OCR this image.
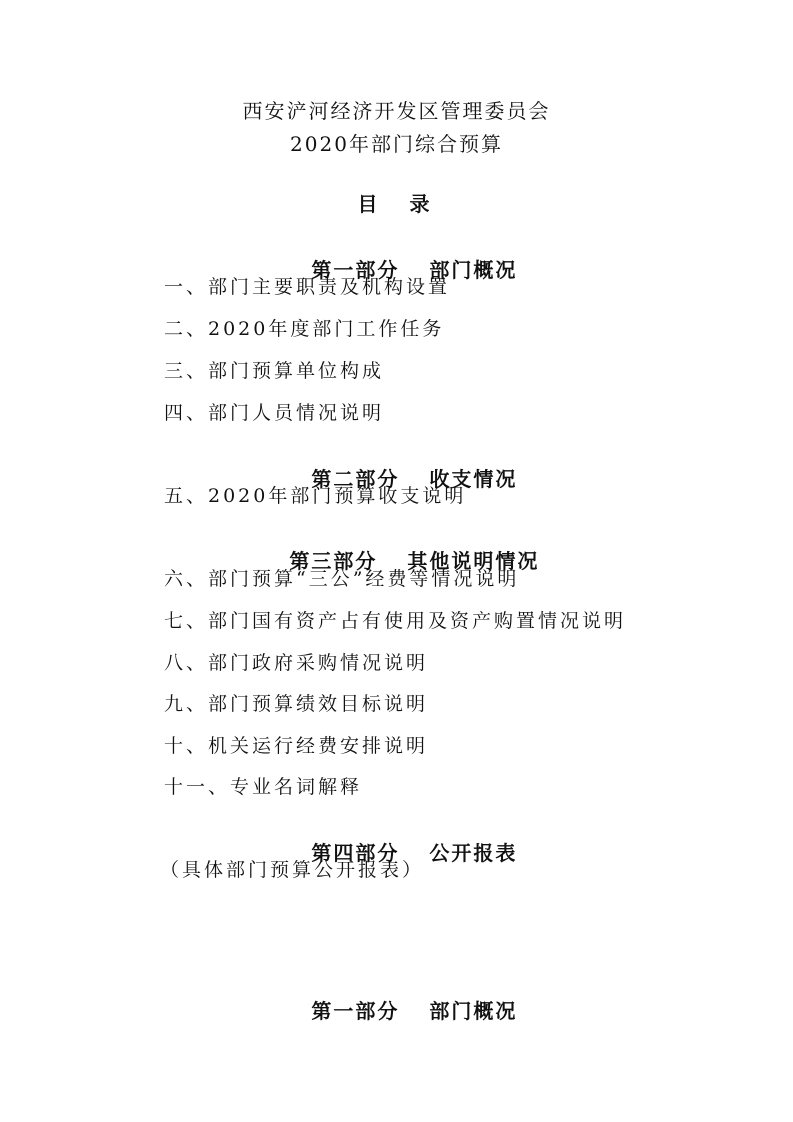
西安浐河经济开发区管理委员会
2020年部门综合预算
目  录

第一部分 部门概况

一、部门主要职责及机构设置
二、2020年度部门工作任务
三、部门预算单位构成
四、部门人员情况说明

第二部分 收支情况

五、2020年部门预算收支说明

第三部分 其他说明情况

六、部门预算“三公”经费等情况说明
七、部门国有资产占有使用及资产购置情况说明
八、部门政府采购情况说明
九、部门预算绩效目标说明
十、机关运行经费安排说明
十一、专业名词解释

第四部分 公开报表

（具体部门预算公开报表）

第一部分 部门概况
